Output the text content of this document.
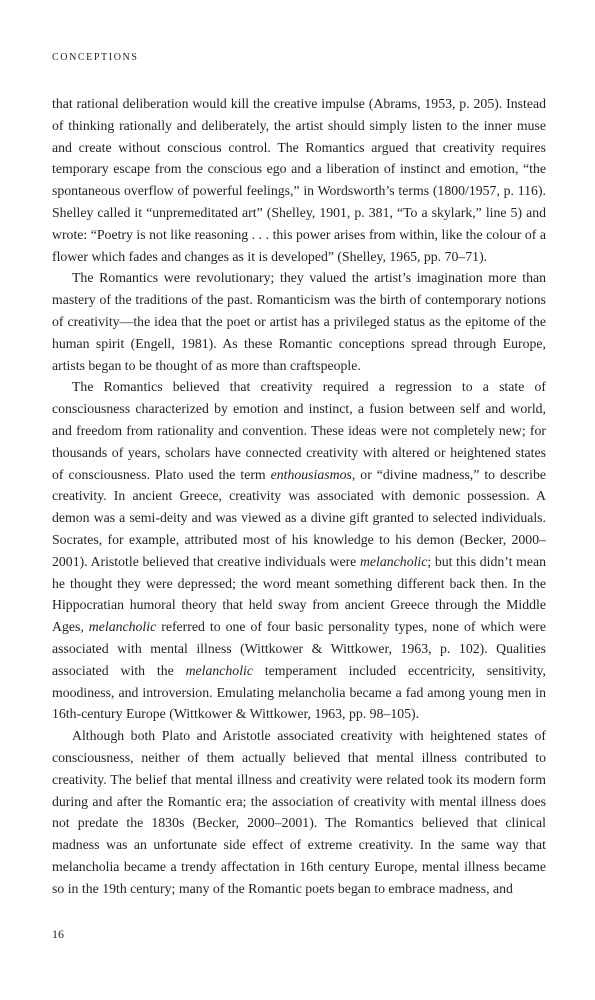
CONCEPTIONS

that rational deliberation would kill the creative impulse (Abrams, 1953, p. 205). Instead of thinking rationally and deliberately, the artist should simply listen to the inner muse and create without conscious control. The Romantics argued that creativity requires temporary escape from the conscious ego and a liberation of instinct and emotion, “the spontaneous overflow of powerful feelings,” in Wordsworth’s terms (1800/1957, p. 116). Shelley called it “unpremeditated art” (Shelley, 1901, p. 381, “To a skylark,” line 5) and wrote: “Poetry is not like reasoning . . . this power arises from within, like the colour of a flower which fades and changes as it is developed” (Shelley, 1965, pp. 70–71).

The Romantics were revolutionary; they valued the artist’s imagination more than mastery of the traditions of the past. Romanticism was the birth of contemporary notions of creativity—the idea that the poet or artist has a privileged status as the epitome of the human spirit (Engell, 1981). As these Romantic conceptions spread through Europe, artists began to be thought of as more than craftspeople.

The Romantics believed that creativity required a regression to a state of consciousness characterized by emotion and instinct, a fusion between self and world, and freedom from rationality and convention. These ideas were not completely new; for thousands of years, scholars have connected creativity with altered or heightened states of consciousness. Plato used the term enthousiasmos, or “divine madness,” to describe creativity. In ancient Greece, creativity was associated with demonic possession. A demon was a semi-deity and was viewed as a divine gift granted to selected individuals. Socrates, for example, attributed most of his knowledge to his demon (Becker, 2000–2001). Aristotle believed that creative individuals were melancholic; but this didn’t mean he thought they were depressed; the word meant something different back then. In the Hippocratian humoral theory that held sway from ancient Greece through the Middle Ages, melancholic referred to one of four basic personality types, none of which were associated with mental illness (Wittkower & Wittkower, 1963, p. 102). Qualities associated with the melancholic temperament included eccentricity, sensitivity, moodiness, and introversion. Emulating melancholia became a fad among young men in 16th-century Europe (Wittkower & Wittkower, 1963, pp. 98–105).

Although both Plato and Aristotle associated creativity with heightened states of consciousness, neither of them actually believed that mental illness contributed to creativity. The belief that mental illness and creativity were related took its modern form during and after the Romantic era; the association of creativity with mental illness does not predate the 1830s (Becker, 2000–2001). The Romantics believed that clinical madness was an unfortunate side effect of extreme creativity. In the same way that melancholia became a trendy affectation in 16th century Europe, mental illness became so in the 19th century; many of the Romantic poets began to embrace madness, and

16
